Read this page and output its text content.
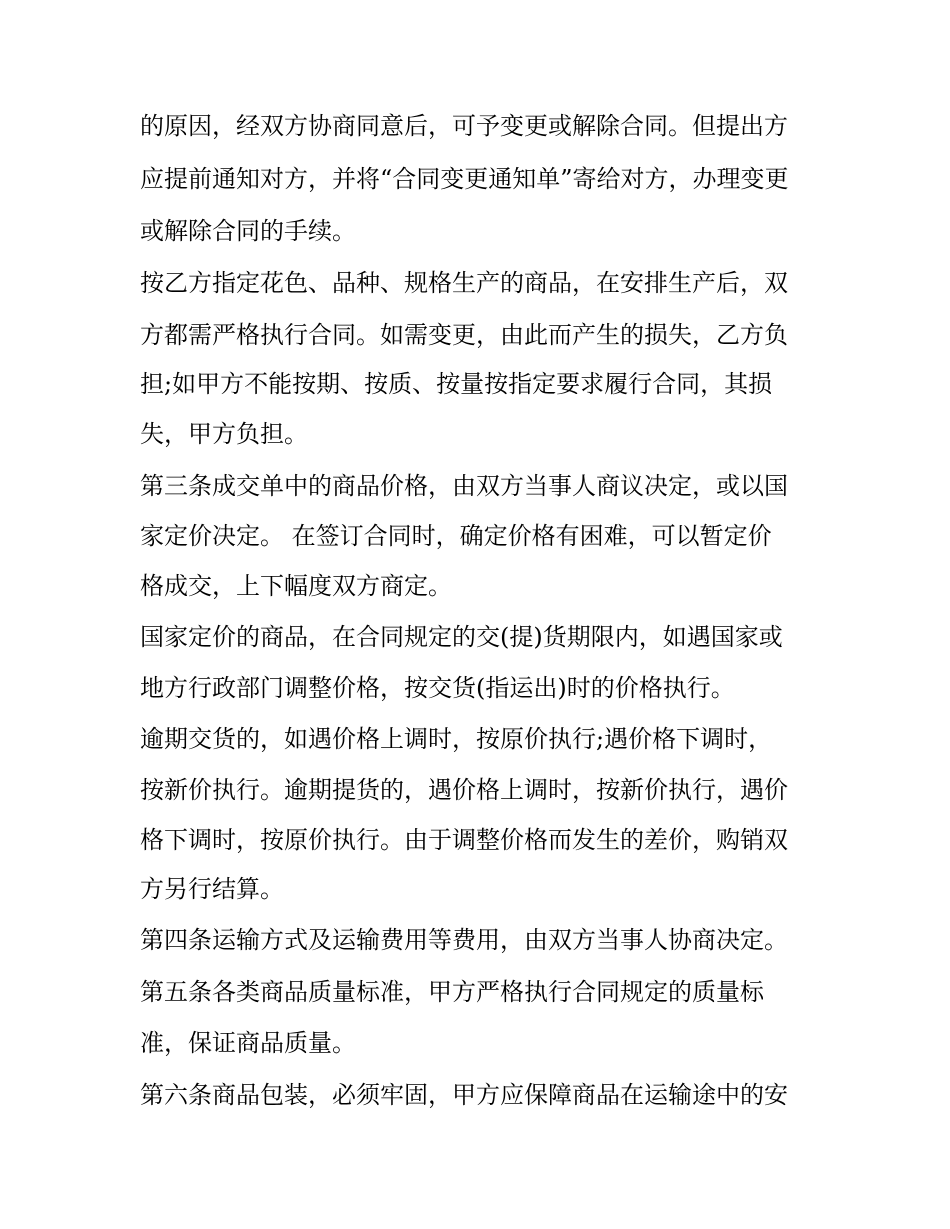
的原因，经双方协商同意后，可予变更或解除合同。但提出方
应提前通知对方，并将“合同变更通知单”寄给对方，办理变更
或解除合同的手续。
按乙方指定花色、品种、规格生产的商品，在安排生产后，双
方都需严格执行合同。如需变更，由此而产生的损失，乙方负
担;如甲方不能按期、按质、按量按指定要求履行合同，其损
失，甲方负担。
第三条成交单中的商品价格，由双方当事人商议决定，或以国
家定价决定。 在签订合同时，确定价格有困难，可以暂定价
格成交，上下幅度双方商定。
国家定价的商品，在合同规定的交(提)货期限内，如遇国家或
地方行政部门调整价格，按交货(指运出)时的价格执行。
逾期交货的，如遇价格上调时，按原价执行;遇价格下调时，
按新价执行。逾期提货的，遇价格上调时，按新价执行，遇价
格下调时，按原价执行。由于调整价格而发生的差价，购销双
方另行结算。
第四条运输方式及运输费用等费用，由双方当事人协商决定。
第五条各类商品质量标准，甲方严格执行合同规定的质量标
准，保证商品质量。
第六条商品包装，必须牢固，甲方应保障商品在运输途中的安
